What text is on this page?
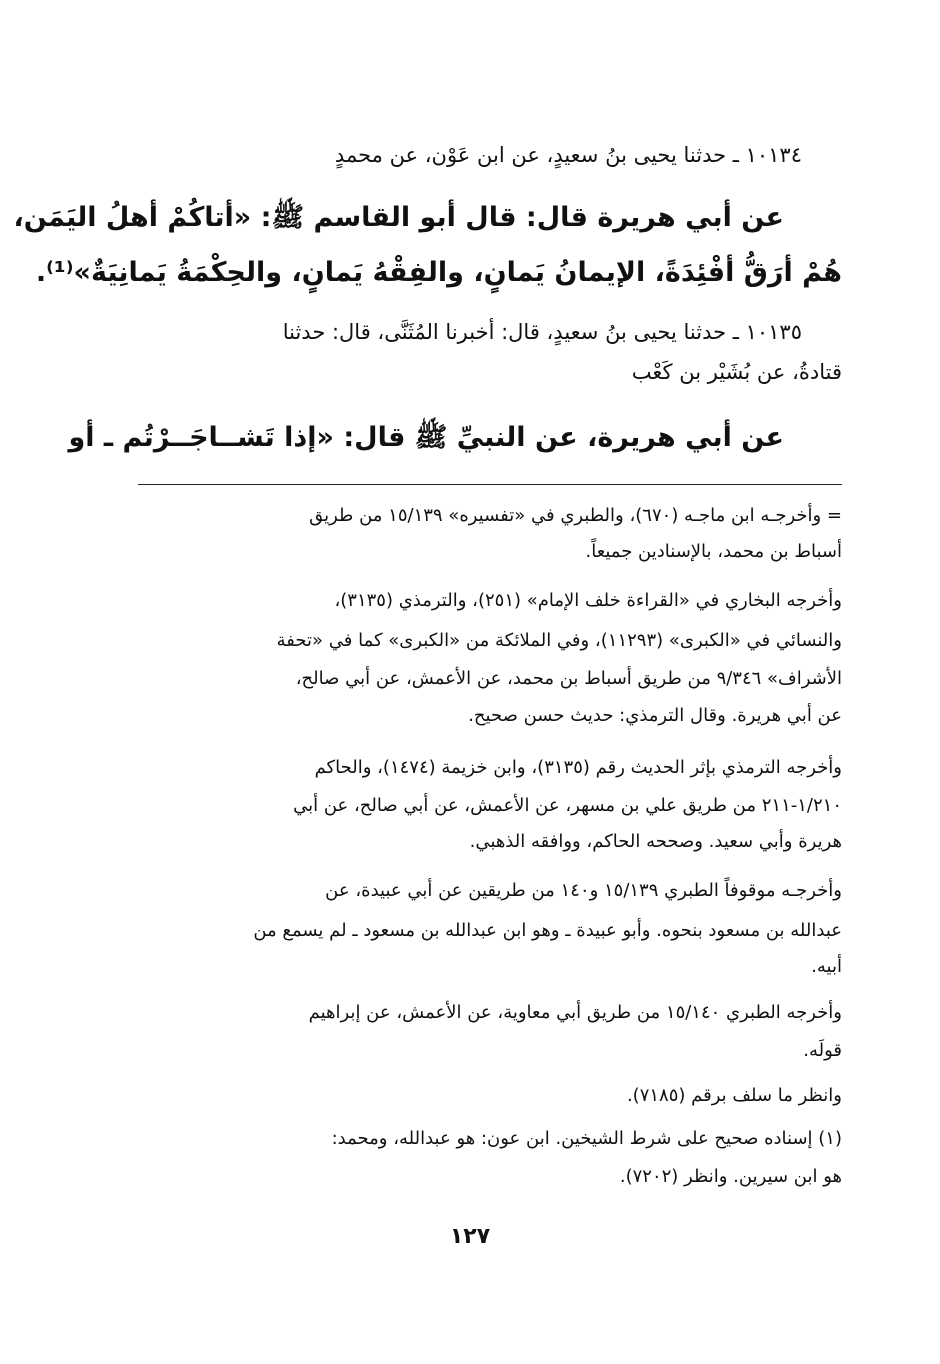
١٠١٣٤ ـ حدثنا يحيى بنُ سعيدٍ، عن ابن عَوْن، عن محمدٍ
عن أبي هريرة قال: قال أبو القاسم ﷺ: «أتاكُمْ أهلُ اليَمَن،
هُمْ أرَقُّ أفْئِدَةً، الإيمانُ يَمانٍ، والفِقْهُ يَمانٍ، والحِكْمَةُ يَمانِيَةٌ»⁽¹⁾.
١٠١٣٥ ـ حدثنا يحيى بنُ سعيدٍ، قال: أخبرنا المُثَنَّى، قال: حدثنا
قتادةُ، عن بُشَيْر بن كَعْب
عن أبي هريرة، عن النبيِّ ﷺ قال: «إذا تَشــاجَــرْتُم ـ أو
= وأخرجـه ابن ماجـه (٦٧٠)، والطبري في «تفسيره» ١٥/١٣٩ من طريق
أسباط بن محمد، بالإسنادين جميعاً.
وأخرجه البخاري في «القراءة خلف الإمام» (٢٥١)، والترمذي (٣١٣٥)،
والنسائي في «الكبرى» (١١٢٩٣)، وفي الملائكة من «الكبرى» كما في «تحفة
الأشراف» ٩/٣٤٦ من طريق أسباط بن محمد، عن الأعمش، عن أبي صالح،
عن أبي هريرة. وقال الترمذي: حديث حسن صحيح.
وأخرجه الترمذي بإثر الحديث رقم (٣١٣٥)، وابن خزيمة (١٤٧٤)، والحاكم
١/٢١٠-٢١١ من طريق علي بن مسهر، عن الأعمش، عن أبي صالح، عن أبي
هريرة وأبي سعيد. وصححه الحاكم، ووافقه الذهبي.
وأخرجـه موقوفاً الطبري ١٥/١٣٩ و١٤٠ من طريقين عن أبي عبيدة، عن
عبدالله بن مسعود بنحوه. وأبو عبيدة ـ وهو ابن عبدالله بن مسعود ـ لم يسمع من
أبيه.
وأخرجه الطبري ١٥/١٤٠ من طريق أبي معاوية، عن الأعمش، عن إبراهيم
قولَه.
وانظر ما سلف برقم (٧١٨٥).
(١) إسناده صحيح على شرط الشيخين. ابن عون: هو عبدالله، ومحمد:
هو ابن سيرين. وانظر (٧٢٠٢).
١٢٧
